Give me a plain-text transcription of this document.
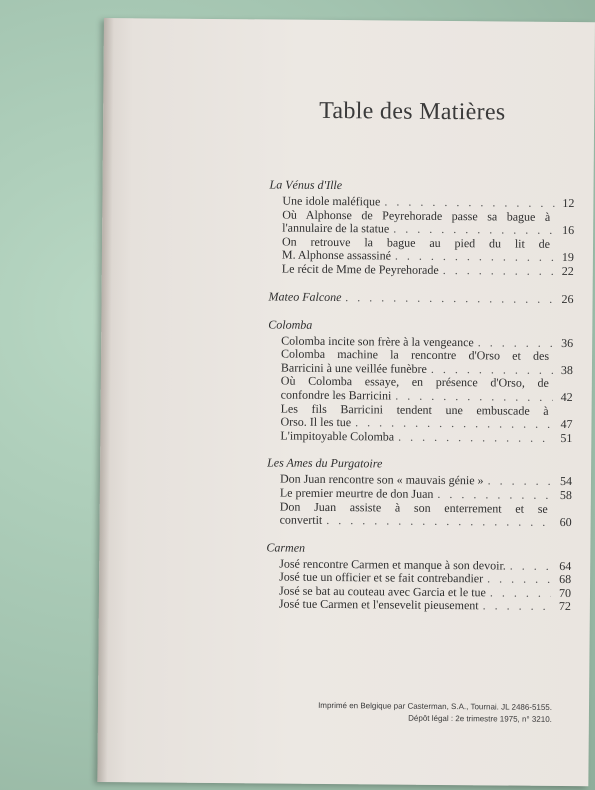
Table des Matières
La Vénus d'Ille
Une idole maléfique . . .	12
Où Alphonse de Peyrehorade passe sa bague à
l'annulaire de la statue . . .	16
On retrouve la bague au pied du lit de
M. Alphonse assassiné . . .	19
Le récit de Mme de Peyrehorade . . .	22
Mateo Falcone . . .	26
Colomba
Colomba incite son frère à la vengeance . . .	36
Colomba machine la rencontre d'Orso et des
Barricini à une veillée funèbre . . .	38
Où Colomba essaye, en présence d'Orso, de
confondre les Barricini . . .	42
Les fils Barricini tendent une embuscade à
Orso. Il les tue . . .	47
L'impitoyable Colomba . . .	51
Les Ames du Purgatoire
Don Juan rencontre son « mauvais génie » . . .	54
Le premier meurtre de don Juan . . .	58
Don Juan assiste à son enterrement et se
convertit . . .	60
Carmen
José rencontre Carmen et manque à son devoir. . . .	64
José tue un officier et se fait contrebandier . . .	68
José se bat au couteau avec Garcia et le tue . . .	70
José tue Carmen et l'ensevelit pieusement . . .	72
Imprimé en Belgique par Casterman, S.A., Tournai. JL 2486-5155.
Dépôt légal : 2e trimestre 1975, n° 3210.
